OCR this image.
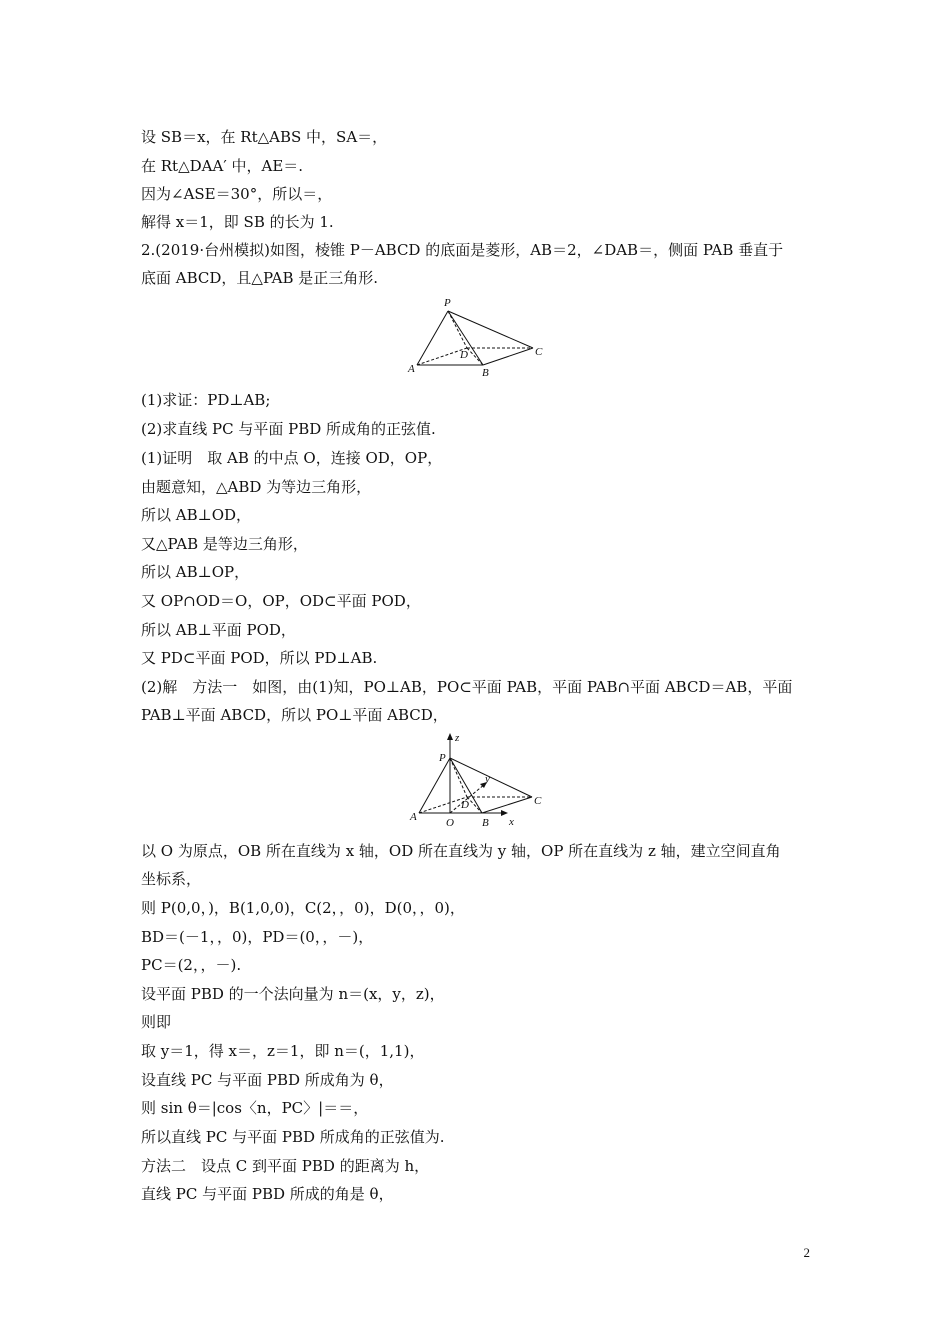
设 SB＝x，在 Rt△ABS 中，SA＝，
在 Rt△DAA′ 中，AE＝.
因为∠ASE＝30°，所以＝，
解得 x＝1，即 SB 的长为 1.
2.(2019·台州模拟)如图，棱锥 P－ABCD 的底面是菱形，AB＝2，∠DAB＝，侧面 PAB 垂直于
底面 ABCD，且△PAB 是正三角形.
P
D	C
A	B
(1)求证：PD⊥AB;
(2)求直线 PC 与平面 PBD 所成角的正弦值.
(1)证明　取 AB 的中点 O，连接 OD，OP，
由题意知，△ABD 为等边三角形，
所以 AB⊥OD，
又△PAB 是等边三角形，
所以 AB⊥OP，
又 OP∩OD＝O，OP，OD⊂平面 POD，
所以 AB⊥平面 POD，
又 PD⊂平面 POD，所以 PD⊥AB.
(2)解　方法一　如图，由(1)知，PO⊥AB，PO⊂平面 PAB，平面 PAB∩平面 ABCD＝AB，平面
PAB⊥平面 ABCD，所以 PO⊥平面 ABCD，
z
P
y
D	C
A	O	B x
以 O 为原点，OB 所在直线为 x 轴，OD 所在直线为 y 轴，OP 所在直线为 z 轴，建立空间直角
坐标系，
则 P(0,0，)，B(1,0,0)，C(2，，0)，D(0，，0)，
BD＝(－1，，0)，PD＝(0，，－)，
PC＝(2，，－).
设平面 PBD 的一个法向量为 n＝(x，y，z)，
则即
取 y＝1，得 x＝，z＝1，即 n＝(，1,1)，
设直线 PC 与平面 PBD 所成角为 θ，
则 sin θ＝|cos〈n，PC〉|＝＝，
所以直线 PC 与平面 PBD 所成角的正弦值为.
方法二　设点 C 到平面 PBD 的距离为 h，
直线 PC 与平面 PBD 所成的角是 θ，
2
